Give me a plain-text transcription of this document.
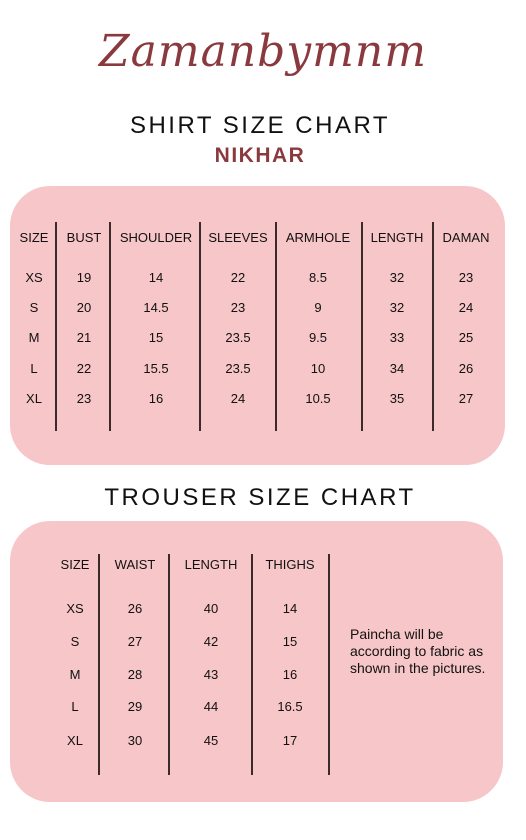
Zamanbymnm
SHIRT SIZE CHART
NIKHAR
SIZE
XS
S
M
L
XL
BUST
19
20
21
22
23
SHOULDER
14
14.5
15
15.5
16
SLEEVES
22
23
23.5
23.5
24
ARMHOLE
8.5
9
9.5
10
10.5
LENGTH
32
32
33
34
35
DAMAN
23
24
25
26
27
TROUSER SIZE CHART
Paincha will be according to fabric as shown in the pictures.
SIZE
XS
S
M
L
XL
WAIST
26
27
28
29
30
LENGTH
40
42
43
44
45
THIGHS
14
15
16
16.5
17
